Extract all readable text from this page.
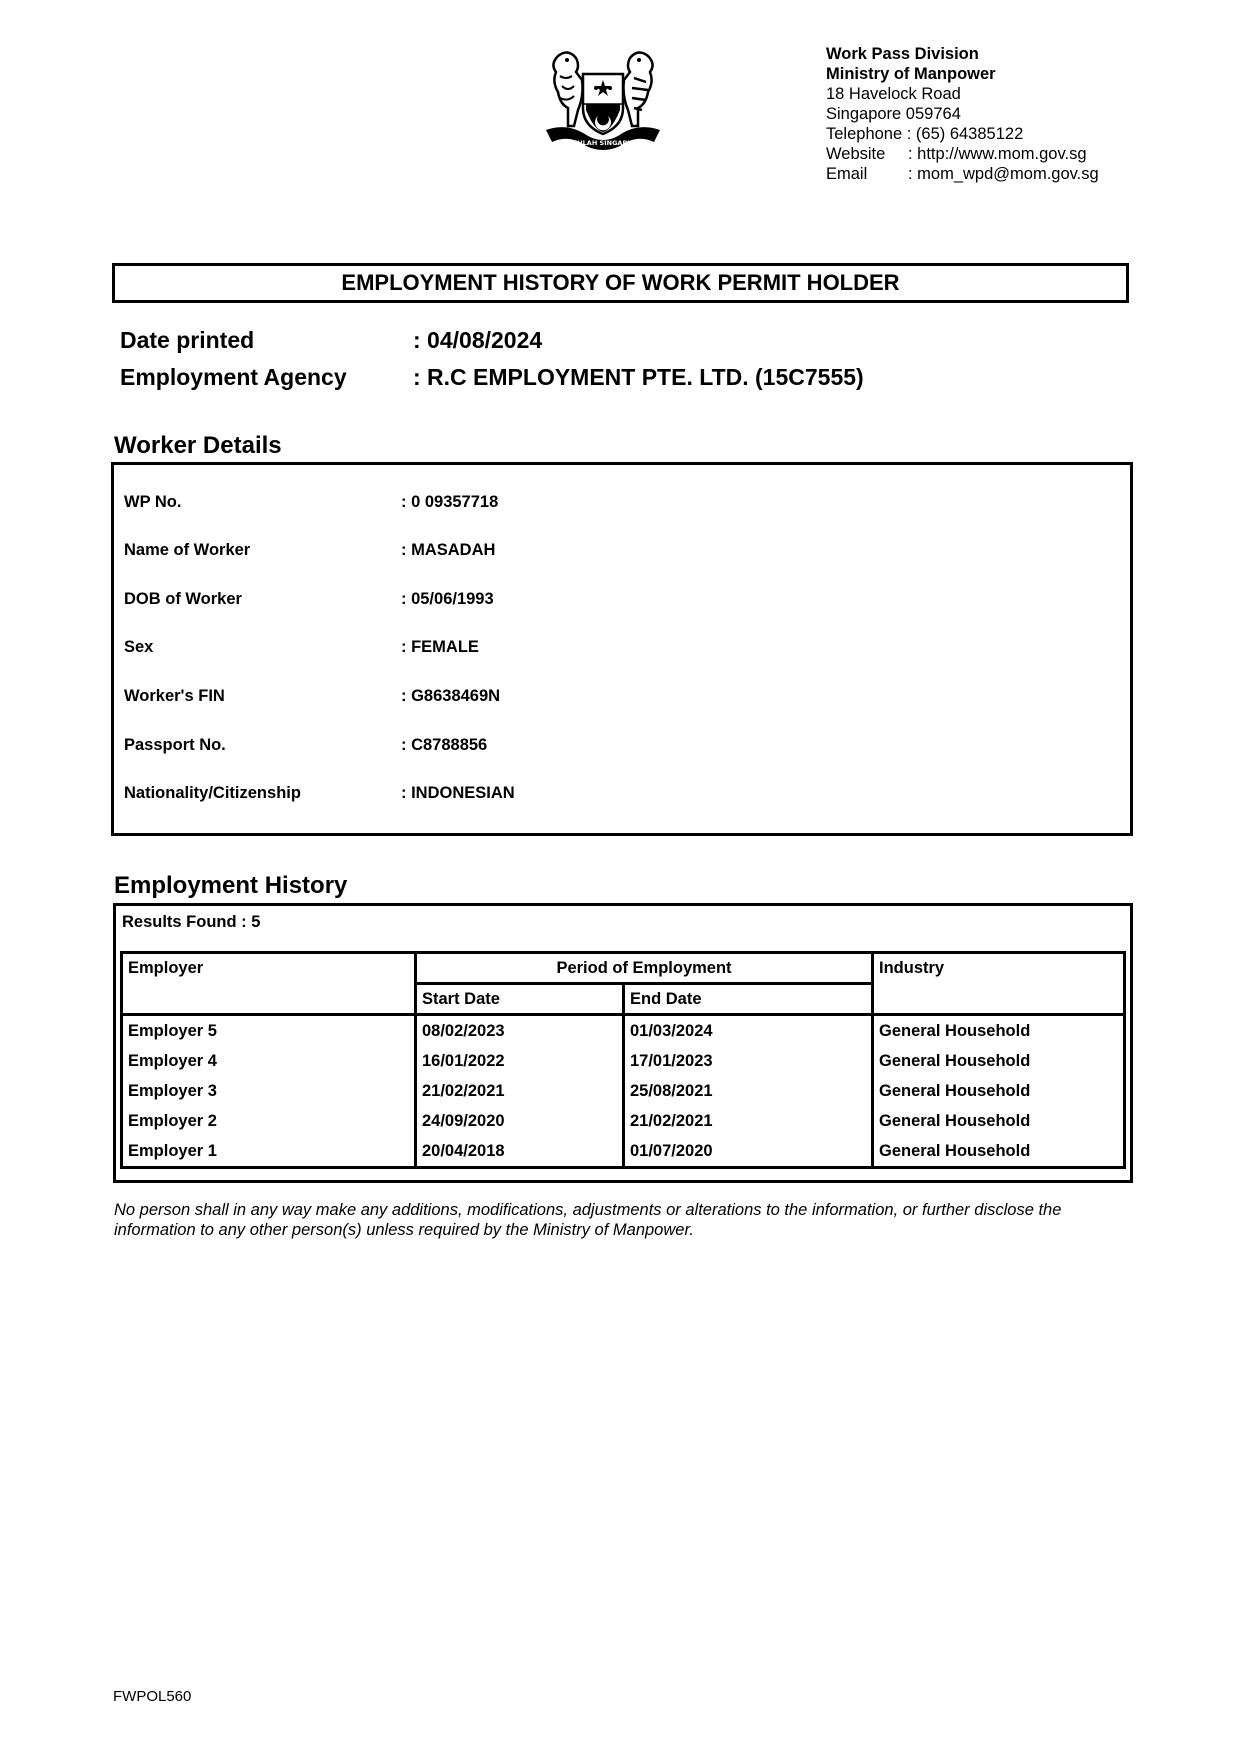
MAJULAH SINGAPURA
Work Pass Division
Ministry of Manpower
18 Havelock Road
Singapore 059764
Telephone : (65) 64385122
Website : http://www.mom.gov.sg
Email : mom_wpd@mom.gov.sg
EMPLOYMENT HISTORY OF WORK PERMIT HOLDER
Date printed	: 04/08/2024
Employment Agency	: R.C EMPLOYMENT PTE. LTD. (15C7555)
Worker Details
WP No.	: 0 09357718
Name of Worker	: MASADAH
DOB of Worker	: 05/06/1993
Sex	: FEMALE
Worker's FIN	: G8638469N
Passport No.	: C8788856
Nationality/Citizenship	: INDONESIAN
Employment History
Results Found : 5
Employer	Period of Employment		Industry
	Start Date	End Date	
Employer 5	08/02/2023	01/03/2024	General Household
Employer 4	16/01/2022	17/01/2023	General Household
Employer 3	21/02/2021	25/08/2021	General Household
Employer 2	24/09/2020	21/02/2021	General Household
Employer 1	20/04/2018	01/07/2020	General Household
No person shall in any way make any additions, modifications, adjustments or alterations to the information, or further disclose the information to any other person(s) unless required by the Ministry of Manpower.
FWPOL560
